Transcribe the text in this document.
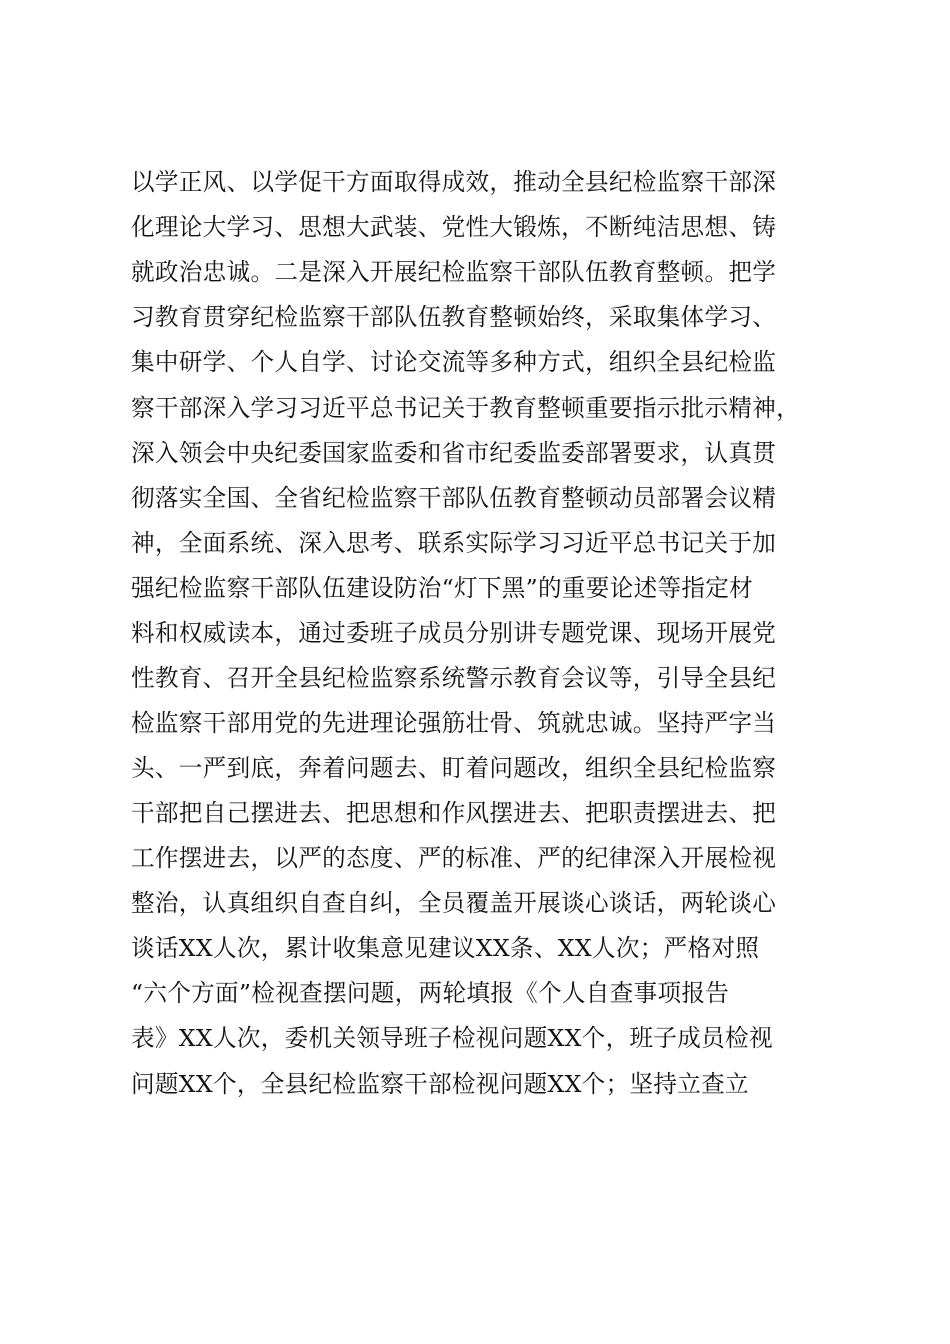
以学正风、以学促干方面取得成效，推动全县纪检监察干部深
化理论大学习、思想大武装、党性大锻炼，不断纯洁思想、铸
就政治忠诚。二是深入开展纪检监察干部队伍教育整顿。把学
习教育贯穿纪检监察干部队伍教育整顿始终，采取集体学习、
集中研学、个人自学、讨论交流等多种方式，组织全县纪检监
察干部深入学习习近平总书记关于教育整顿重要指示批示精神，
深入领会中央纪委国家监委和省市纪委监委部署要求，认真贯
彻落实全国、全省纪检监察干部队伍教育整顿动员部署会议精
神，全面系统、深入思考、联系实际学习习近平总书记关于加
强纪检监察干部队伍建设防治“灯下黑”的重要论述等指定材
料和权威读本，通过委班子成员分别讲专题党课、现场开展党
性教育、召开全县纪检监察系统警示教育会议等，引导全县纪
检监察干部用党的先进理论强筋壮骨、筑就忠诚。坚持严字当
头、一严到底，奔着问题去、盯着问题改，组织全县纪检监察
干部把自己摆进去、把思想和作风摆进去、把职责摆进去、把
工作摆进去，以严的态度、严的标准、严的纪律深入开展检视
整治，认真组织自查自纠，全员覆盖开展谈心谈话，两轮谈心
谈话XX人次，累计收集意见建议XX条、XX人次；严格对照
“六个方面”检视查摆问题，两轮填报《个人自查事项报告
表》XX人次，委机关领导班子检视问题XX个，班子成员检视
问题XX个，全县纪检监察干部检视问题XX个；坚持立查立
